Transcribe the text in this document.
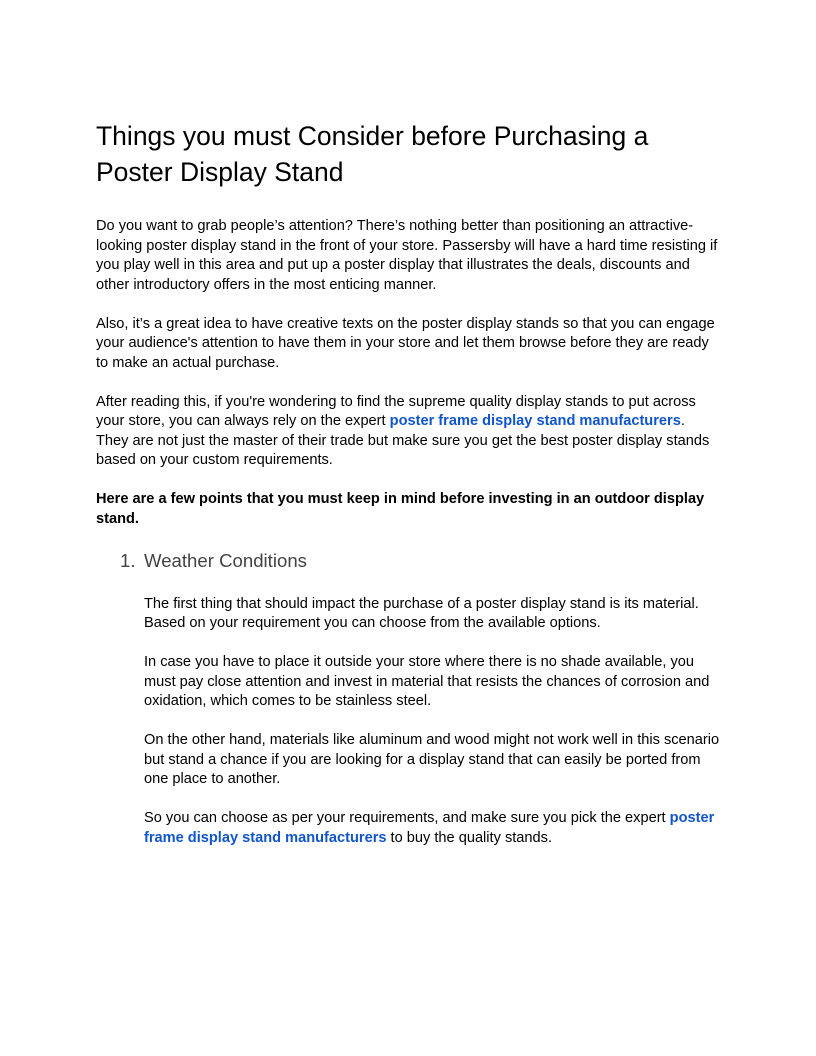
Things you must Consider before Purchasing a Poster Display Stand

Do you want to grab people’s attention? There’s nothing better than positioning an attractive-looking poster display stand in the front of your store. Passersby will have a hard time resisting if you play well in this area and put up a poster display that illustrates the deals, discounts and other introductory offers in the most enticing manner.

Also, it’s a great idea to have creative texts on the poster display stands so that you can engage your audience's attention to have them in your store and let them browse before they are ready to make an actual purchase.

After reading this, if you're wondering to find the supreme quality display stands to put across your store, you can always rely on the expert poster frame display stand manufacturers. They are not just the master of their trade but make sure you get the best poster display stands based on your custom requirements.

Here are a few points that you must keep in mind before investing in an outdoor display stand.

1. Weather Conditions

The first thing that should impact the purchase of a poster display stand is its material. Based on your requirement you can choose from the available options.

In case you have to place it outside your store where there is no shade available, you must pay close attention and invest in material that resists the chances of corrosion and oxidation, which comes to be stainless steel.

On the other hand, materials like aluminum and wood might not work well in this scenario but stand a chance if you are looking for a display stand that can easily be ported from one place to another.

So you can choose as per your requirements, and make sure you pick the expert poster frame display stand manufacturers to buy the quality stands.
